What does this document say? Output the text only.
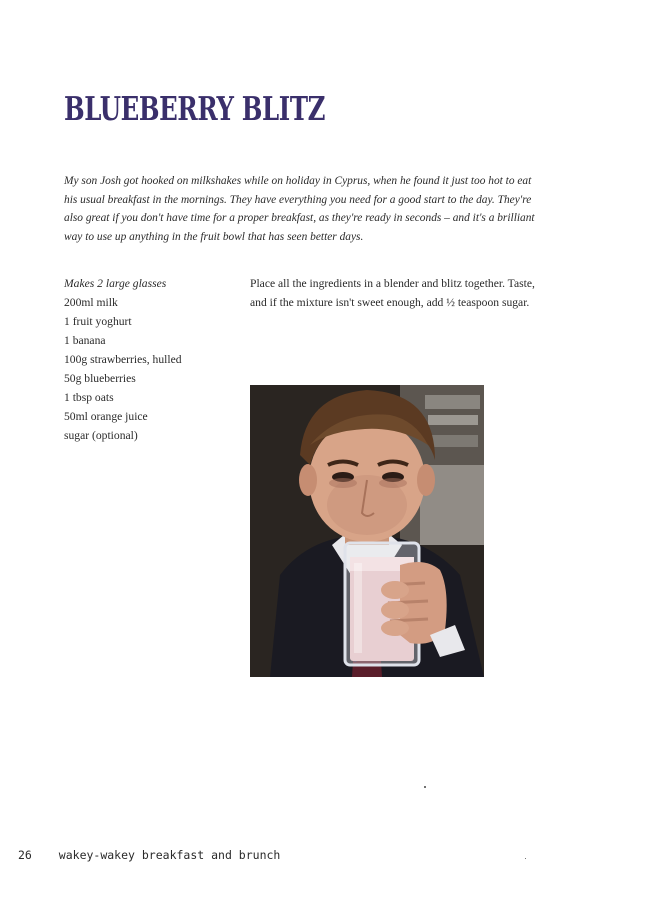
BLUEBERRY BLITZ

My son Josh got hooked on milkshakes while on holiday in Cyprus, when he found it just too hot to eat his usual breakfast in the mornings. They have everything you need for a good start to the day. They're also great if you don't have time for a proper breakfast, as they're ready in seconds – and it's a brilliant way to use up anything in the fruit bowl that has seen better days.

Makes 2 large glasses
200ml milk
1 fruit yoghurt
1 banana
100g strawberries, hulled
50g blueberries
1 tbsp oats
50ml orange juice
sugar (optional)

Place all the ingredients in a blender and blitz together. Taste, and if the mixture isn't sweet enough, add ½ teaspoon sugar.

26 wakey-wakey breakfast and brunch
